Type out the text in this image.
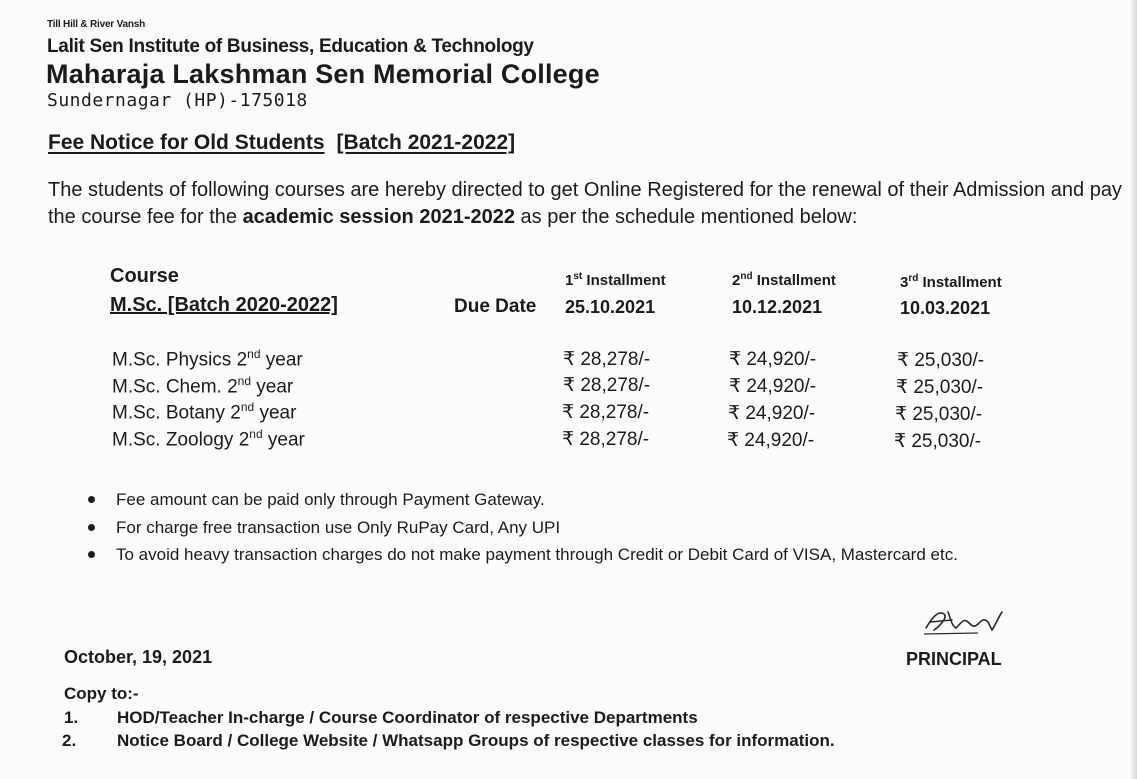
Till Hill & River Vansh
Lalit Sen Institute of Business, Education & Technology
Maharaja Lakshman Sen Memorial College
Sundernagar (HP)-175018
Fee Notice for Old Students [Batch 2021-2022]
The students of following courses are hereby directed to get Online Registered for the renewal of their Admission and pay the course fee for the academic session 2021-2022 as per the schedule mentioned below:
Course
M.Sc. [Batch 2020-2022]	Due Date
1st Installment	2nd Installment	3rd Installment
25.10.2021	10.12.2021	10.03.2021
M.Sc. Physics 2nd year	₹ 28,278/-	₹ 24,920/-	₹ 25,030/-
M.Sc. Chem. 2nd year	₹ 28,278/-	₹ 24,920/-	₹ 25,030/-
M.Sc. Botany 2nd year	₹ 28,278/-	₹ 24,920/-	₹ 25,030/-
M.Sc. Zoology 2nd year	₹ 28,278/-	₹ 24,920/-	₹ 25,030/-
Fee amount can be paid only through Payment Gateway.
For charge free transaction use Only RuPay Card, Any UPI
To avoid heavy transaction charges do not make payment through Credit or Debit Card of VISA, Mastercard etc.
October, 19, 2021	PRINCIPAL
Copy to:-
1. HOD/Teacher In-charge / Course Coordinator of respective Departments
2. Notice Board / College Website / Whatsapp Groups of respective classes for information.
